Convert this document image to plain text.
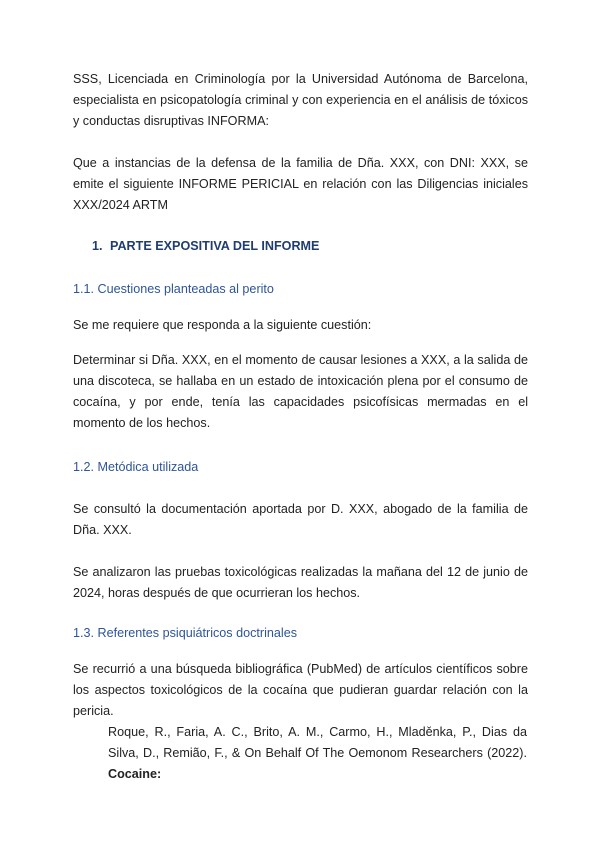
SSS, Licenciada en Criminología por la Universidad Autónoma de Barcelona, especialista en psicopatología criminal y con experiencia en el análisis de tóxicos y conductas disruptivas INFORMA:

Que a instancias de la defensa de la familia de Dña. XXX, con DNI: XXX, se emite el siguiente INFORME PERICIAL en relación con las Diligencias iniciales XXX/2024 ARTM

1. PARTE EXPOSITIVA DEL INFORME

1.1. Cuestiones planteadas al perito

Se me requiere que responda a la siguiente cuestión:

Determinar si Dña. XXX, en el momento de causar lesiones a XXX, a la salida de una discoteca, se hallaba en un estado de intoxicación plena por el consumo de cocaína, y por ende, tenía las capacidades psicofísicas mermadas en el momento de los hechos.

1.2. Metódica utilizada

Se consultó la documentación aportada por D. XXX, abogado de la familia de Dña. XXX.

Se analizaron las pruebas toxicológicas realizadas la mañana del 12 de junio de 2024, horas después de que ocurrieran los hechos.

1.3. Referentes psiquiátricos doctrinales

Se recurrió a una búsqueda bibliográfica (PubMed) de artículos científicos sobre los aspectos toxicológicos de la cocaína que pudieran guardar relación con la pericia.

Roque, R., Faria, A. C., Brito, A. M., Carmo, H., Mladěnka, P., Dias da Silva, D., Remião, F., & On Behalf Of The Oemonom Researchers (2022). Cocaine:
